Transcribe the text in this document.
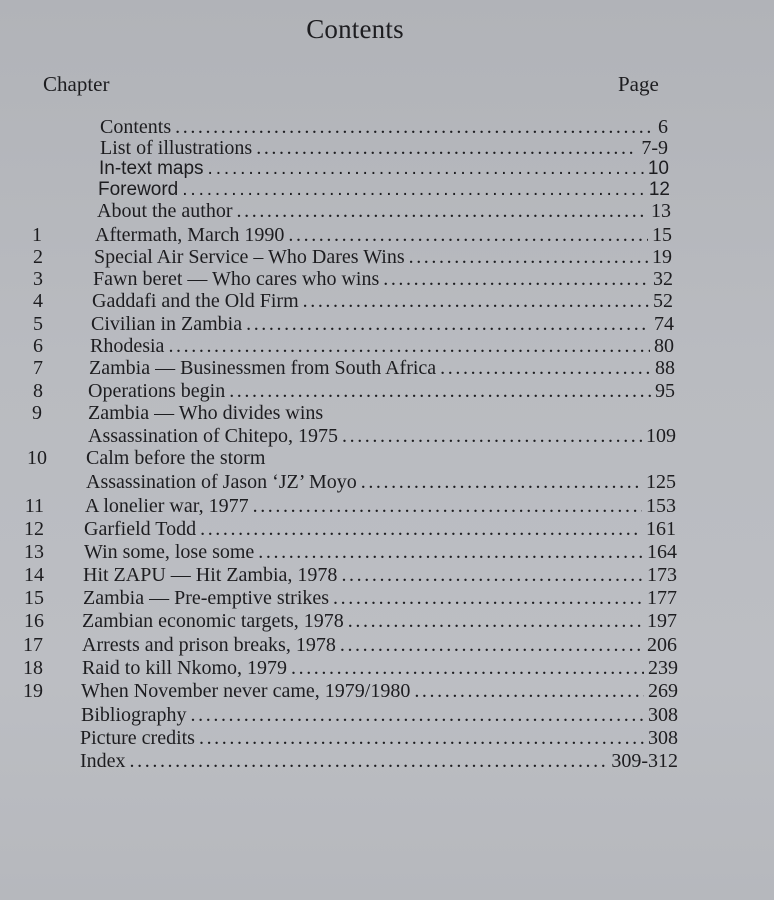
Contents
Chapter	Page
Contents . . .	6
List of illustrations . . .	7-9
In-text maps . . .	10
Foreword . . .	12
About the author . . .	13
1	Aftermath, March 1990 . . .	15
2	Special Air Service – Who Dares Wins . . .	19
3	Fawn beret — Who cares who wins . . .	32
4 Gaddafi and the Old Firm . . .	52
5 Civilian in Zambia . . .	74
6 Rhodesia . . .	80
7 Zambia — Businessmen from South Africa . . .	88
8 Operations begin . . .	95
9 Zambia — Who divides wins
Assassination of Chitepo, 1975 . . .	109
10 Calm before the storm
Assassination of Jason ‘JZ’ Moyo . . .	125
11 A lonelier war, 1977 . . .	153
12 Garfield Todd . . .	161
13 Win some, lose some . . .	164
14 Hit ZAPU — Hit Zambia, 1978 . . .	173
15 Zambia — Pre-emptive strikes . . .	177
16 Zambian economic targets, 1978 . . .	197
17 Arrests and prison breaks, 1978 . . .	206
18 Raid to kill Nkomo, 1979 . . .	239
19 When November never came, 1979/1980 . . .	269
Bibliography . . .	308
Picture credits . . .	308
Index . . .	309-312
